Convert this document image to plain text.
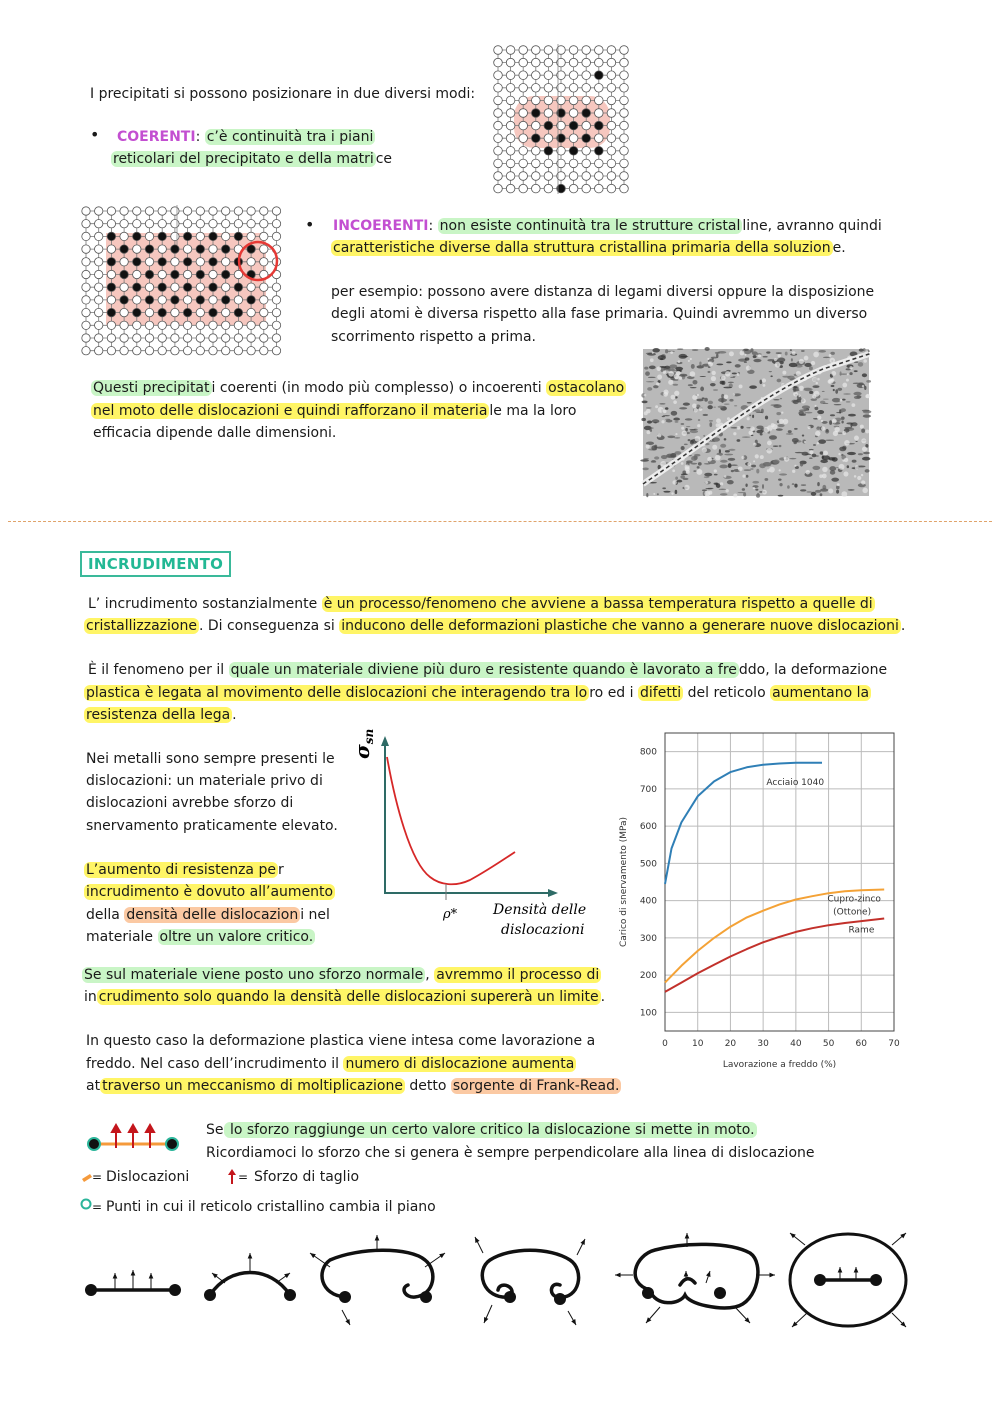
I precipitati si possono posizionare in due diversi modi:
• COERENTI: c’è continuità tra i piani
reticolari del precipitato e della matri ce
• INCOERENTI: non esiste continuità tra le strutture cristal line, avranno quindi
caratteristiche diverse dalla struttura cristallina primaria della soluzion e.
per esempio: possono avere distanza di legami diversi oppure la disposizione
degli atomi è diversa rispetto alla fase primaria. Quindi avremmo un diverso
scorrimento rispetto a prima.
Questi precipitat i coerenti (in modo più complesso) o incoerenti ostacolano
nel moto delle dislocazioni e quindi rafforzano il materia le ma la loro
efficacia dipende dalle dimensioni.
INCRUDIMENTO
L’ incrudimento sostanzialmente è un processo/fenomeno che avviene a bassa temperatura rispetto a quelle di
cristallizzazione . Di conseguenza si inducono delle deformazioni plastiche che vanno a generare nuove dislocazioni .
È il fenomeno per il quale un materiale diviene più duro e resistente quando è lavorato a fre ddo, la deformazione
plastica è legata al movimento delle dislocazioni che interagendo tra lo ro ed i difetti del reticolo aumentano la
resistenza della lega .
Nei metalli sono sempre presenti le
dislocazioni: un materiale privo di
dislocazioni avrebbe sforzo di
snervamento praticamente elevato.
L’aumento di resistenza pe r
incrudimento è dovuto all’aumento
della densità delle dislocazion i nel
materiale oltre un valore critico.
$\sigma_{sn}$
ρ*	Densità delle
dislocazioni
0	10 20 30 40 50 60 70
100
200
300
400
500
600
700
800
Lavorazione a freddo (%)
Carico di snervamento (MPa)
Acciaio 1040
Cupro-zinco
(Ottone)
Rame
Se sul materiale viene posto uno sforzo normale , avremmo il processo di
in crudimento solo quando la densità delle dislocazioni supererà un limite .
In questo caso la deformazione plastica viene intesa come lavorazione a
freddo. Nel caso dell’incrudimento il numero di dislocazione aumenta
at traverso un meccanismo di moltiplicazione detto sorgente di Frank-Read.
Se lo sforzo raggiunge un certo valore critico la dislocazione si mette in moto.
Ricordiamoci lo sforzo che si genera è sempre perpendicolare alla linea di dislocazione
= Dislocazioni	= Sforzo di taglio
= Punti in cui il reticolo cristallino cambia il piano
